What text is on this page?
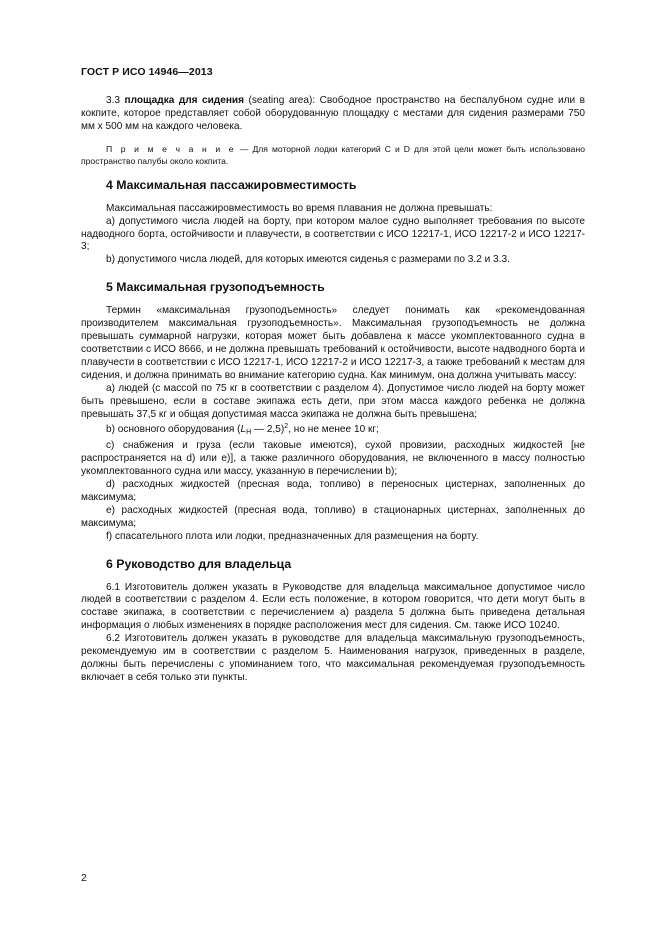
ГОСТ Р ИСО 14946—2013

3.3 площадка для сидения (seating area): Свободное пространство на беспалубном судне или в кокпите, которое представляет собой оборудованную площадку с местами для сидения размерами 750 мм х 500 мм на каждого человека.

П р и м е ч а н и е — Для моторной лодки категорий C и D для этой цели может быть использовано пространство палубы около кокпита.

4 Максимальная пассажировместимость

Максимальная пассажировместимость во время плавания не должна превышать:

а) допустимого числа людей на борту, при котором малое судно выполняет требования по высоте надводного борта, остойчивости и плавучести, в соответствии с ИСО 12217-1, ИСО 12217-2 и ИСО 12217-3;

b) допустимого числа людей, для которых имеются сиденья с размерами по 3.2 и 3.3.

5 Максимальная грузоподъемность

Термин «максимальная грузоподъемность» следует понимать как «рекомендованная производителем максимальная грузоподъемность». Максимальная грузоподъемность не должна превышать суммарной нагрузки, которая может быть добавлена к массе укомплектованного судна в соответствии с ИСО 8666, и не должна превышать требований к остойчивости, высоте надводного борта и плавучести в соответствии с ИСО 12217-1, ИСО 12217-2 и ИСО 12217-3, а также требований к местам для сидения, и должна принимать во внимание категорию судна. Как минимум, она должна учитывать массу:

а) людей (с массой по 75 кг в соответствии с разделом 4). Допустимое число людей на борту может быть превышено, если в составе экипажа есть дети, при этом масса каждого ребенка не должна превышать 37,5 кг и общая допустимая масса экипажа не должна быть превышена;

b) основного оборудования ($L_H$ — 2,5)$^2$, но не менее 10 кг;

c) снабжения и груза (если таковые имеются), сухой провизии, расходных жидкостей [не распространяется на d) или e)], а также различного оборудования, не включенного в массу полностью укомплектованного судна или массу, указанную в перечислении b);

d) расходных жидкостей (пресная вода, топливо) в переносных цистернах, заполненных до максимума;

e) расходных жидкостей (пресная вода, топливо) в стационарных цистернах, заполненных до максимума;

f) спасательного плота или лодки, предназначенных для размещения на борту.

6 Руководство для владельца

6.1 Изготовитель должен указать в Руководстве для владельца максимальное допустимое число людей в соответствии с разделом 4. Если есть положение, в котором говорится, что дети могут быть в составе экипажа, в соответствии с перечислением а) раздела 5 должна быть приведена детальная информация о любых изменениях в порядке расположения мест для сидения. См. также ИСО 10240.

6.2 Изготовитель должен указать в руководстве для владельца максимальную грузоподъемность, рекомендуемую им в соответствии с разделом 5. Наименования нагрузок, приведенных в разделе, должны быть перечислены с упоминанием того, что максимальная рекомендуемая грузоподъемность включает в себя только эти пункты.

2
